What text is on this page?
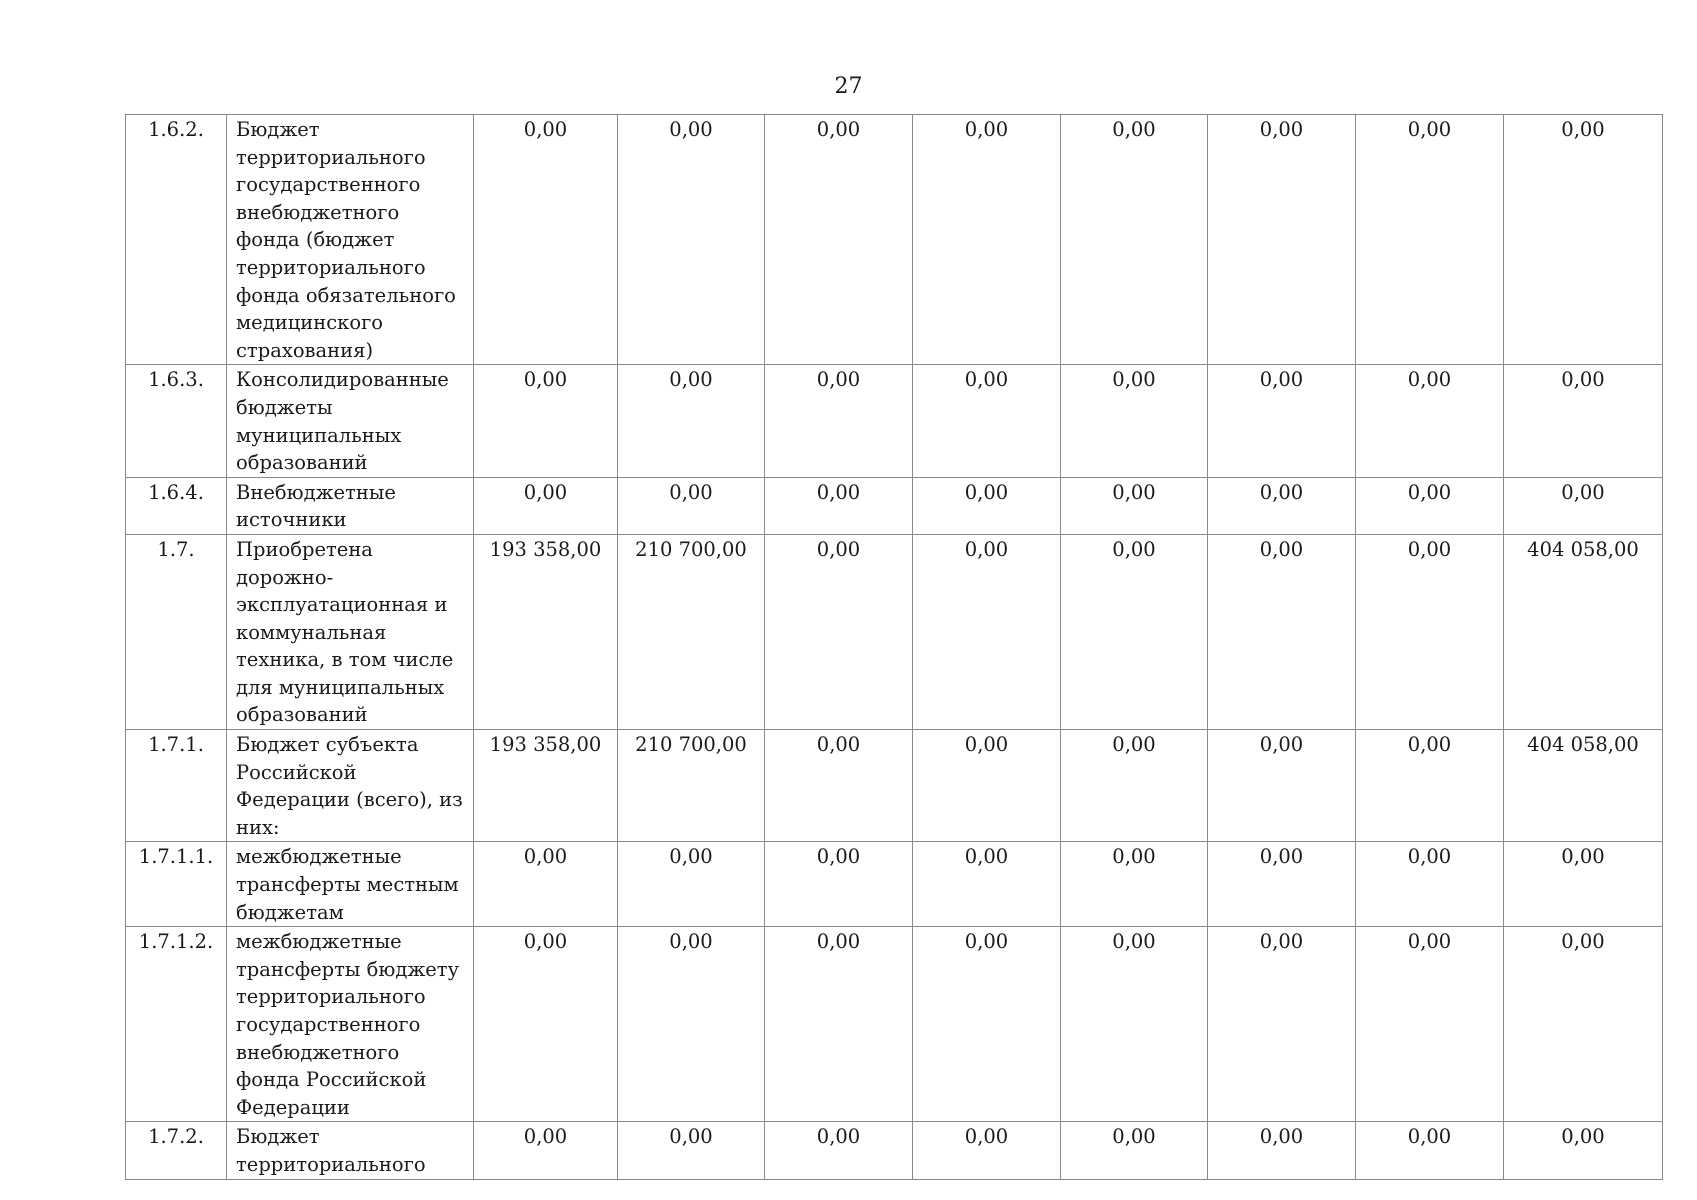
27
1.6.2.	Бюджет территориального государственного внебюджетного фонда (бюджет территориального фонда обязательного медицинского страхования)	0,00	0,00	0,00	0,00	0,00	0,00	0,00	0,00
1.6.3.	Консолидированные бюджеты муниципальных образований	0,00	0,00	0,00	0,00	0,00	0,00	0,00	0,00
1.6.4.	Внебюджетные источники	0,00	0,00	0,00	0,00	0,00	0,00	0,00	0,00
1.7.	Приобретена дорожно-эксплуатационная и коммунальная техника, в том числе для муниципальных образований	193 358,00	210 700,00	0,00	0,00	0,00	0,00	0,00	404 058,00
1.7.1.	Бюджет субъекта Российской Федерации (всего), из них:	193 358,00	210 700,00	0,00	0,00	0,00	0,00	0,00	404 058,00
1.7.1.1.	межбюджетные трансферты местным бюджетам	0,00	0,00	0,00	0,00	0,00	0,00	0,00	0,00
1.7.1.2.	межбюджетные трансферты бюджету территориального государственного внебюджетного фонда Российской Федерации	0,00	0,00	0,00	0,00	0,00	0,00	0,00	0,00
1.7.2.	Бюджет территориального	0,00	0,00	0,00	0,00	0,00	0,00	0,00	0,00
